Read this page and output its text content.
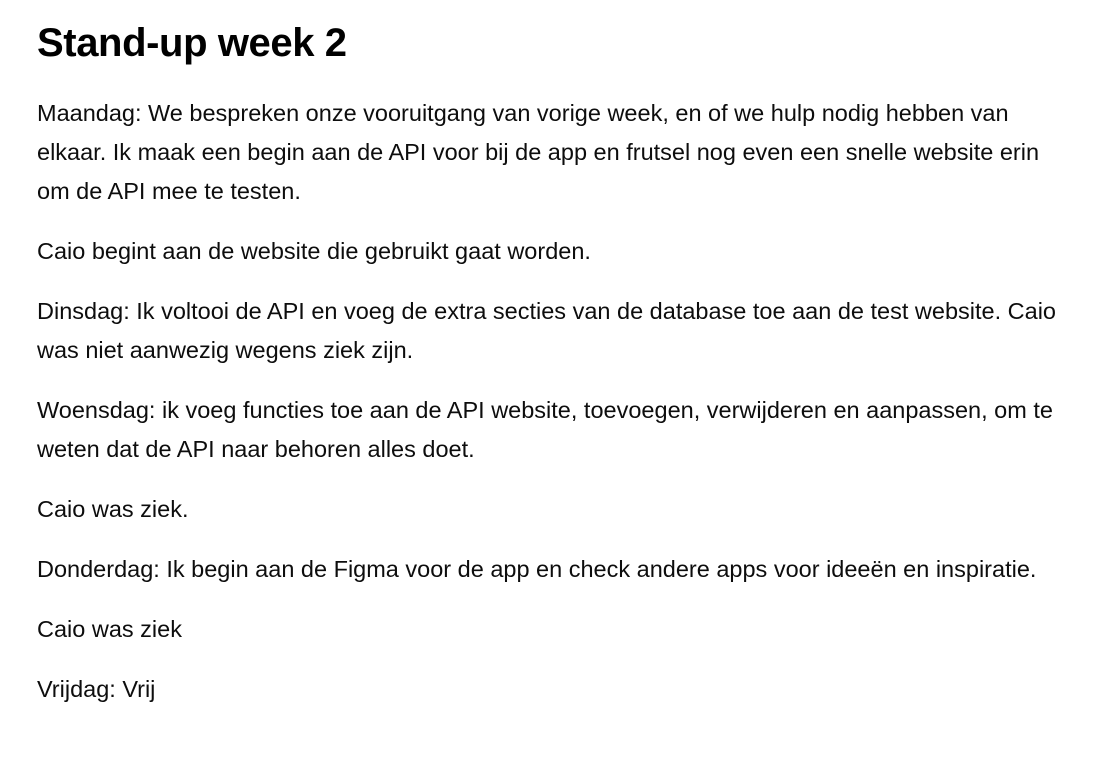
Stand-up week 2

Maandag: We bespreken onze vooruitgang van vorige week, en of we hulp nodig hebben van elkaar. Ik maak een begin aan de API voor bij de app en frutsel nog even een snelle website erin om de API mee te testen.

Caio begint aan de website die gebruikt gaat worden.

Dinsdag: Ik voltooi de API en voeg de extra secties van de database toe aan de test website. Caio was niet aanwezig wegens ziek zijn.

Woensdag: ik voeg functies toe aan de API website, toevoegen, verwijderen en aanpassen, om te weten dat de API naar behoren alles doet.

Caio was ziek.

Donderdag: Ik begin aan de Figma voor de app en check andere apps voor ideeën en inspiratie.

Caio was ziek

Vrijdag: Vrij
